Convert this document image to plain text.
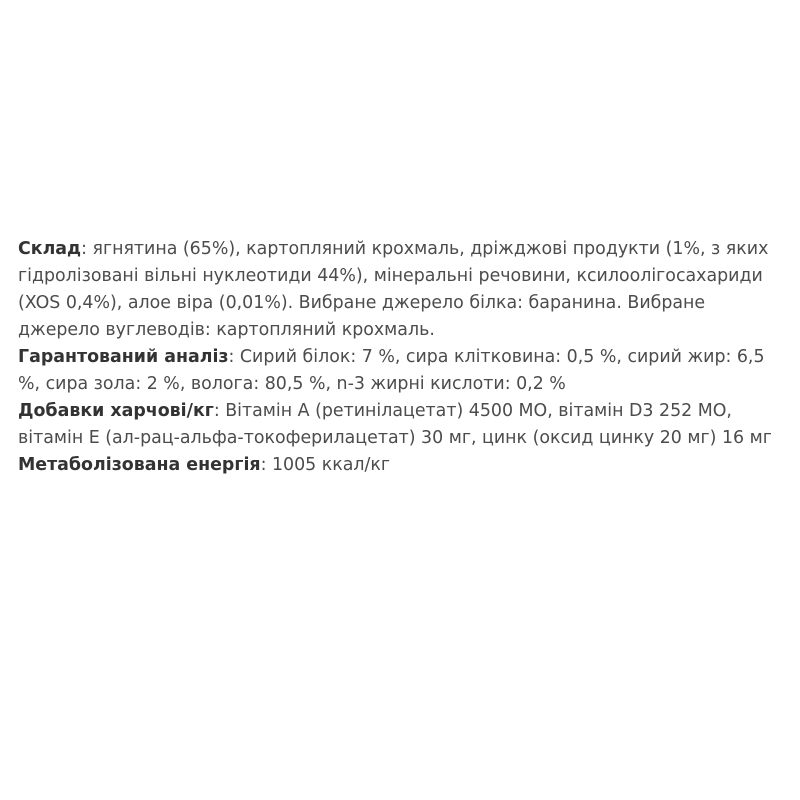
Склад: ягнятина (65%), картопляний крохмаль, дріжджові продукти (1%, з яких гідролізовані вільні нуклеотиди 44%), мінеральні речовини, ксилоолігосахариди (XOS 0,4%), алое віра (0,01%). Вибране джерело білка: баранина. Вибране джерело вуглеводів: картопляний крохмаль.

Гарантований аналіз: Сирий білок: 7 %, сира клітковина: 0,5 %, сирий жир: 6,5 %, сира зола: 2 %, волога: 80,5 %, n-3 жирні кислоти: 0,2 %

Добавки харчові/кг: Вітамін А (ретинілацетат) 4500 МО, вітамін D3 252 МО, вітамін Е (ал-рац-альфа-токоферилацетат) 30 мг, цинк (оксид цинку 20 мг) 16 мг

Метаболізована енергія: 1005 ккал/кг
